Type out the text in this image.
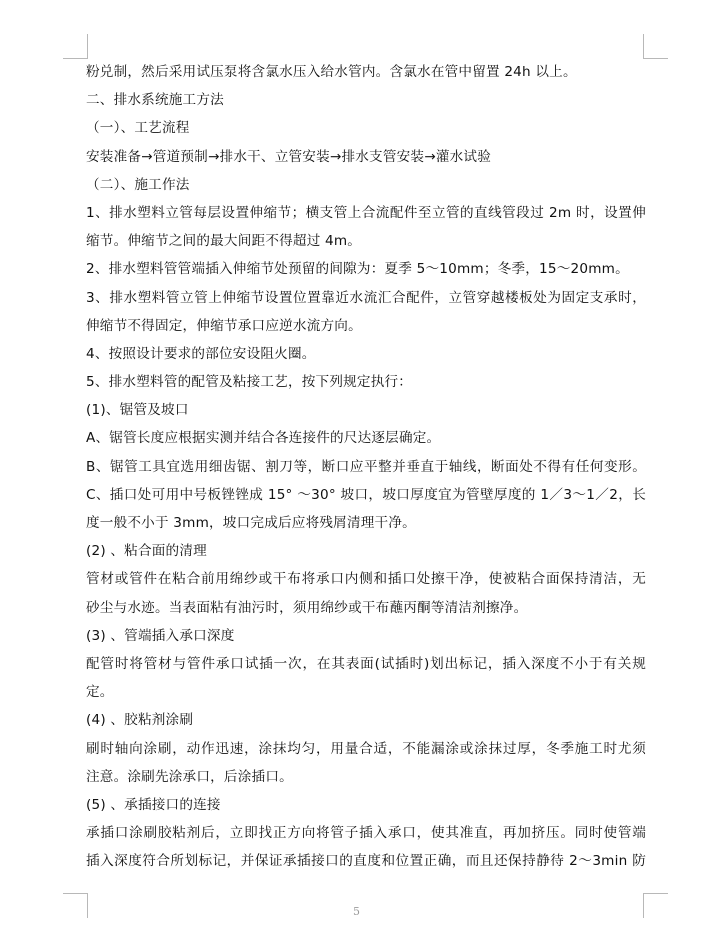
粉兑制，然后采用试压泵将含氯水压入给水管内。含氯水在管中留置 24h 以上。
二、排水系统施工方法
（一）、工艺流程
安装准备→管道预制→排水干、立管安装→排水支管安装→灌水试验
（二）、施工作法
1、排水塑料立管每层设置伸缩节；横支管上合流配件至立管的直线管段过 2m 时，设置伸
缩节。伸缩节之间的最大间距不得超过 4m。
2、排水塑料管管端插入伸缩节处预留的间隙为：夏季 5～10mm；冬季，15～20mm。
3、排水塑料管立管上伸缩节设置位置靠近水流汇合配件，立管穿越楼板处为固定支承时，
伸缩节不得固定，伸缩节承口应逆水流方向。
4、按照设计要求的部位安设阻火圈。
5、排水塑料管的配管及粘接工艺，按下列规定执行：
(1)、锯管及坡口
A、锯管长度应根据实测并结合各连接件的尺达逐层确定。
B、锯管工具宜选用细齿锯、割刀等，断口应平整并垂直于轴线，断面处不得有任何变形。
C、插口处可用中号板锉锉成 15° ～30° 坡口，坡口厚度宜为管壁厚度的 1／3～1／2，长
度一般不小于 3mm，坡口完成后应将残屑清理干净。
(2) 、粘合面的清理
管材或管件在粘合前用绵纱或干布将承口内侧和插口处擦干净，使被粘合面保持清洁，无
砂尘与水迹。当表面粘有油污时，须用绵纱或干布蘸丙酮等清洁剂擦净。
(3) 、管端插入承口深度
配管时将管材与管件承口试插一次，在其表面(试插时)划出标记，插入深度不小于有关规
定。
(4) 、胶粘剂涂刷
刷时轴向涂刷，动作迅速，涂抹均匀，用量合适，不能漏涂或涂抹过厚，冬季施工时尤须
注意。涂刷先涂承口，后涂插口。
(5) 、承插接口的连接
承插口涂刷胶粘剂后，立即找正方向将管子插入承口，使其准直，再加挤压。同时使管端
插入深度符合所划标记，并保证承插接口的直度和位置正确，而且还保持静待 2～3min 防
5
